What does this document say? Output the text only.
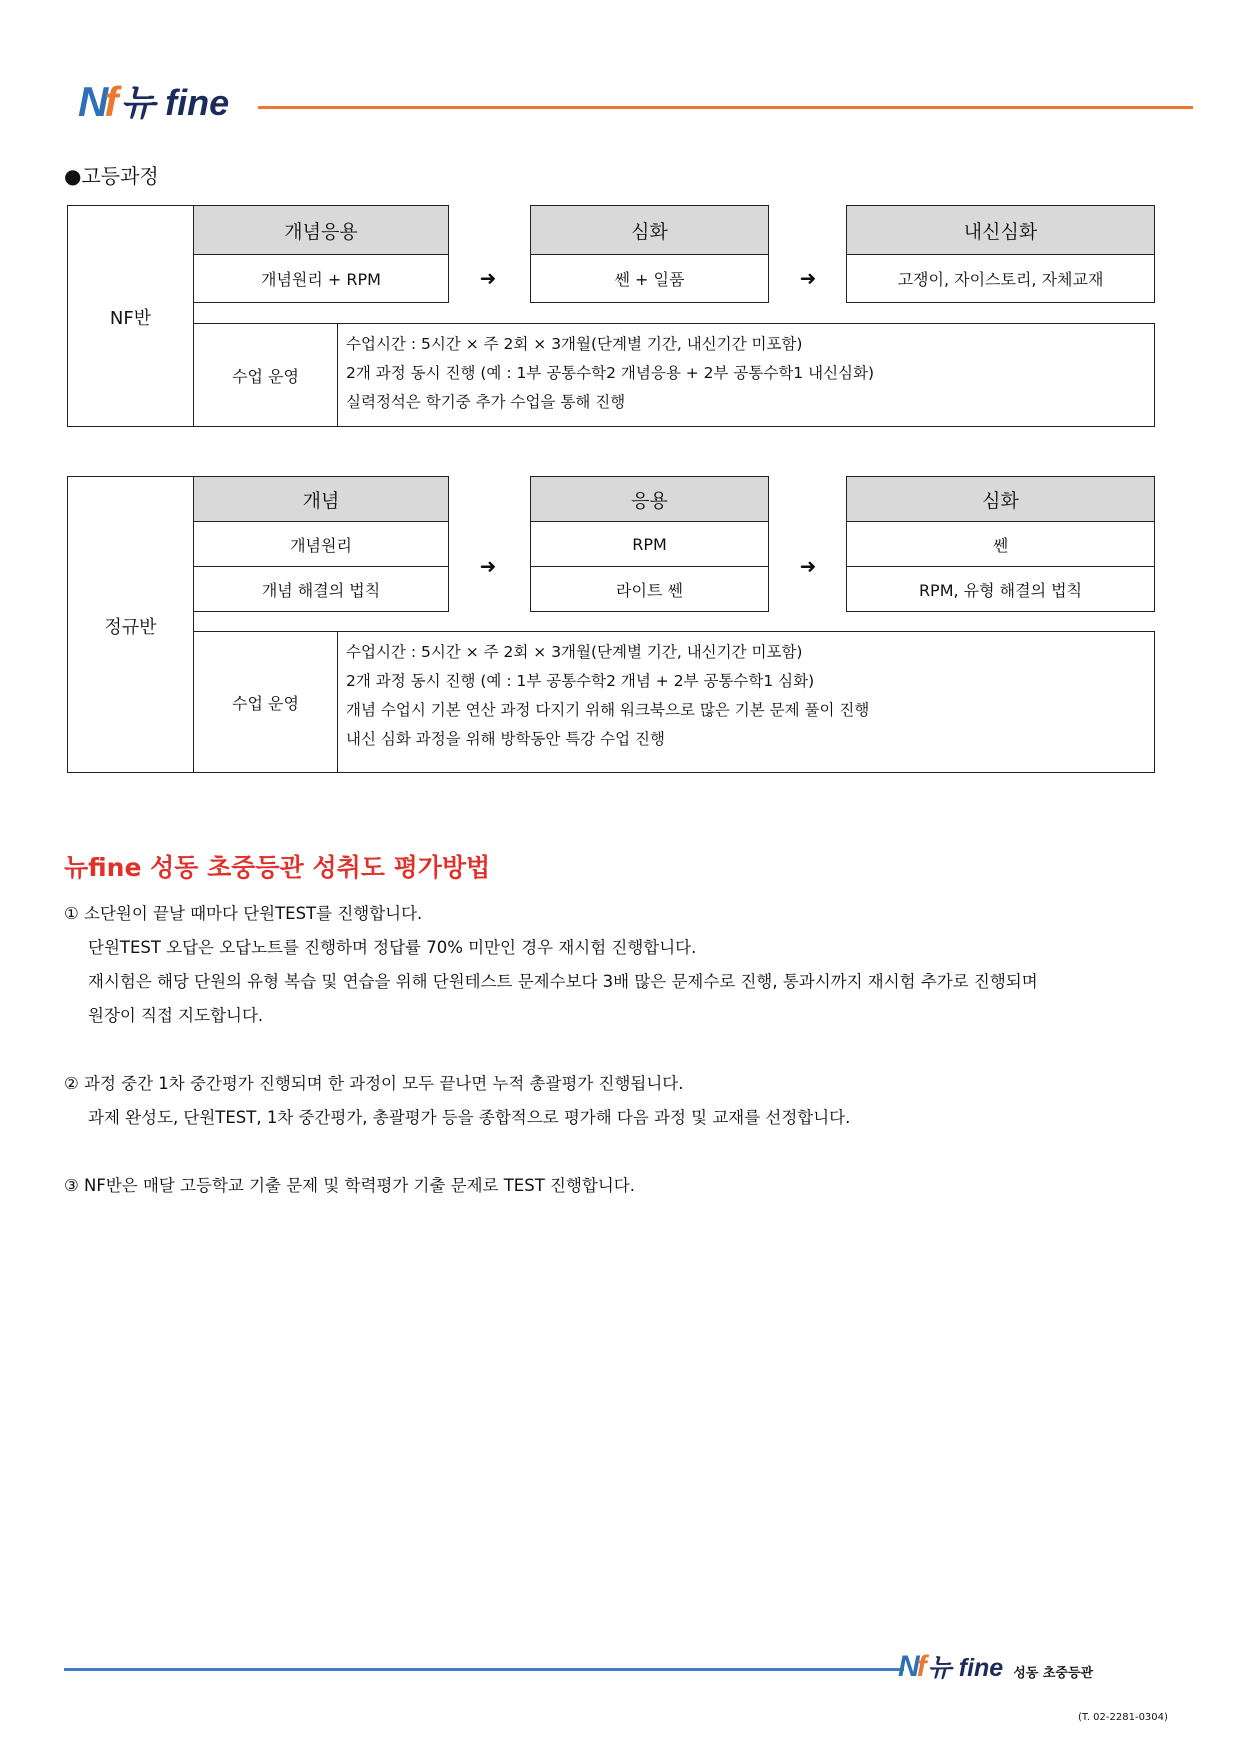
Nf 뉴 fine
●고등과정
NF반
개념응용
개념원리 + RPM	➜
심화
쎈 + 일품	➜
내신심화
고쟁이, 자이스토리, 자체교재
수업 운영
수업시간 : 5시간 × 주 2회 × 3개월(단계별 기간, 내신기간 미포함)
2개 과정 동시 진행 (예 : 1부 공통수학2 개념응용 + 2부 공통수학1 내신심화)
실력정석은 학기중 추가 수업을 통해 진행
정규반
개념
개념원리
개념 해결의 법칙
➜
응용
RPM
라이트 쎈
➜
심화
쎈
RPM, 유형 해결의 법칙
수업 운영
수업시간 : 5시간 × 주 2회 × 3개월(단계별 기간, 내신기간 미포함)
2개 과정 동시 진행 (예 : 1부 공통수학2 개념 + 2부 공통수학1 심화)
개념 수업시 기본 연산 과정 다지기 위해 워크북으로 많은 기본 문제 풀이 진행
내신 심화 과정을 위해 방학동안 특강 수업 진행
뉴fine 성동 초중등관 성취도 평가방법
① 소단원이 끝날 때마다 단원TEST를 진행합니다.
단원TEST 오답은 오답노트를 진행하며 정답률 70% 미만인 경우 재시험 진행합니다.
재시험은 해당 단원의 유형 복습 및 연습을 위해 단원테스트 문제수보다 3배 많은 문제수로 진행, 통과시까지 재시험 추가로 진행되며
원장이 직접 지도합니다.
② 과정 중간 1차 중간평가 진행되며 한 과정이 모두 끝나면 누적 총괄평가 진행됩니다.
과제 완성도, 단원TEST, 1차 중간평가, 총괄평가 등을 종합적으로 평가해 다음 과정 및 교재를 선정합니다.
③ NF반은 매달 고등학교 기출 문제 및 학력평가 기출 문제로 TEST 진행합니다.
Nf 뉴 fine 성동 초중등관
(T. 02-2281-0304)
